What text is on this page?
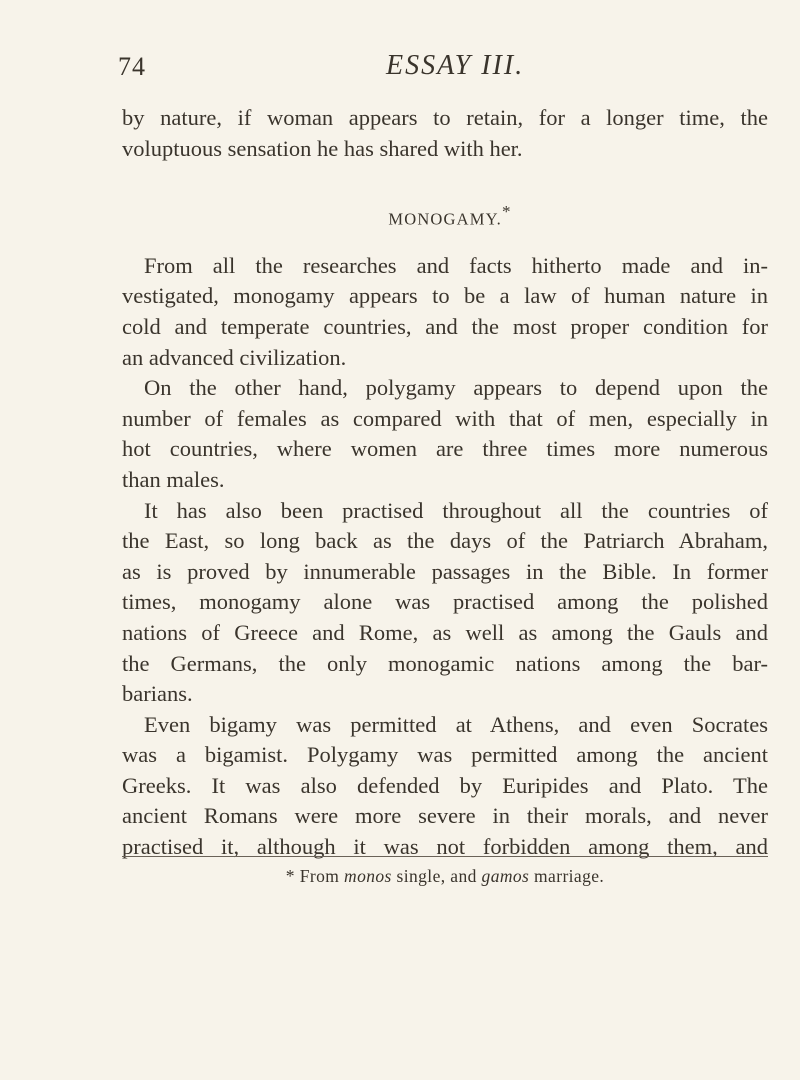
74	ESSAY III.
by nature, if woman appears to retain, for a longer time, the
voluptuous sensation he has shared with her.
MONOGAMY.*
From all the researches and facts hitherto made and in-
vestigated, monogamy appears to be a law of human nature in
cold and temperate countries, and the most proper condition for
an advanced civilization.
On the other hand, polygamy appears to depend upon the
number of females as compared with that of men, especially in
hot countries, where women are three times more numerous
than males.
It has also been practised throughout all the countries of
the East, so long back as the days of the Patriarch Abraham,
as is proved by innumerable passages in the Bible. In former
times, monogamy alone was practised among the polished
nations of Greece and Rome, as well as among the Gauls and
the Germans, the only monogamic nations among the bar-
barians.
Even bigamy was permitted at Athens, and even Socrates
was a bigamist. Polygamy was permitted among the ancient
Greeks. It was also defended by Euripides and Plato. The
ancient Romans were more severe in their morals, and never
practised it, although it was not forbidden among them, and
* From monos single, and gamos marriage.
